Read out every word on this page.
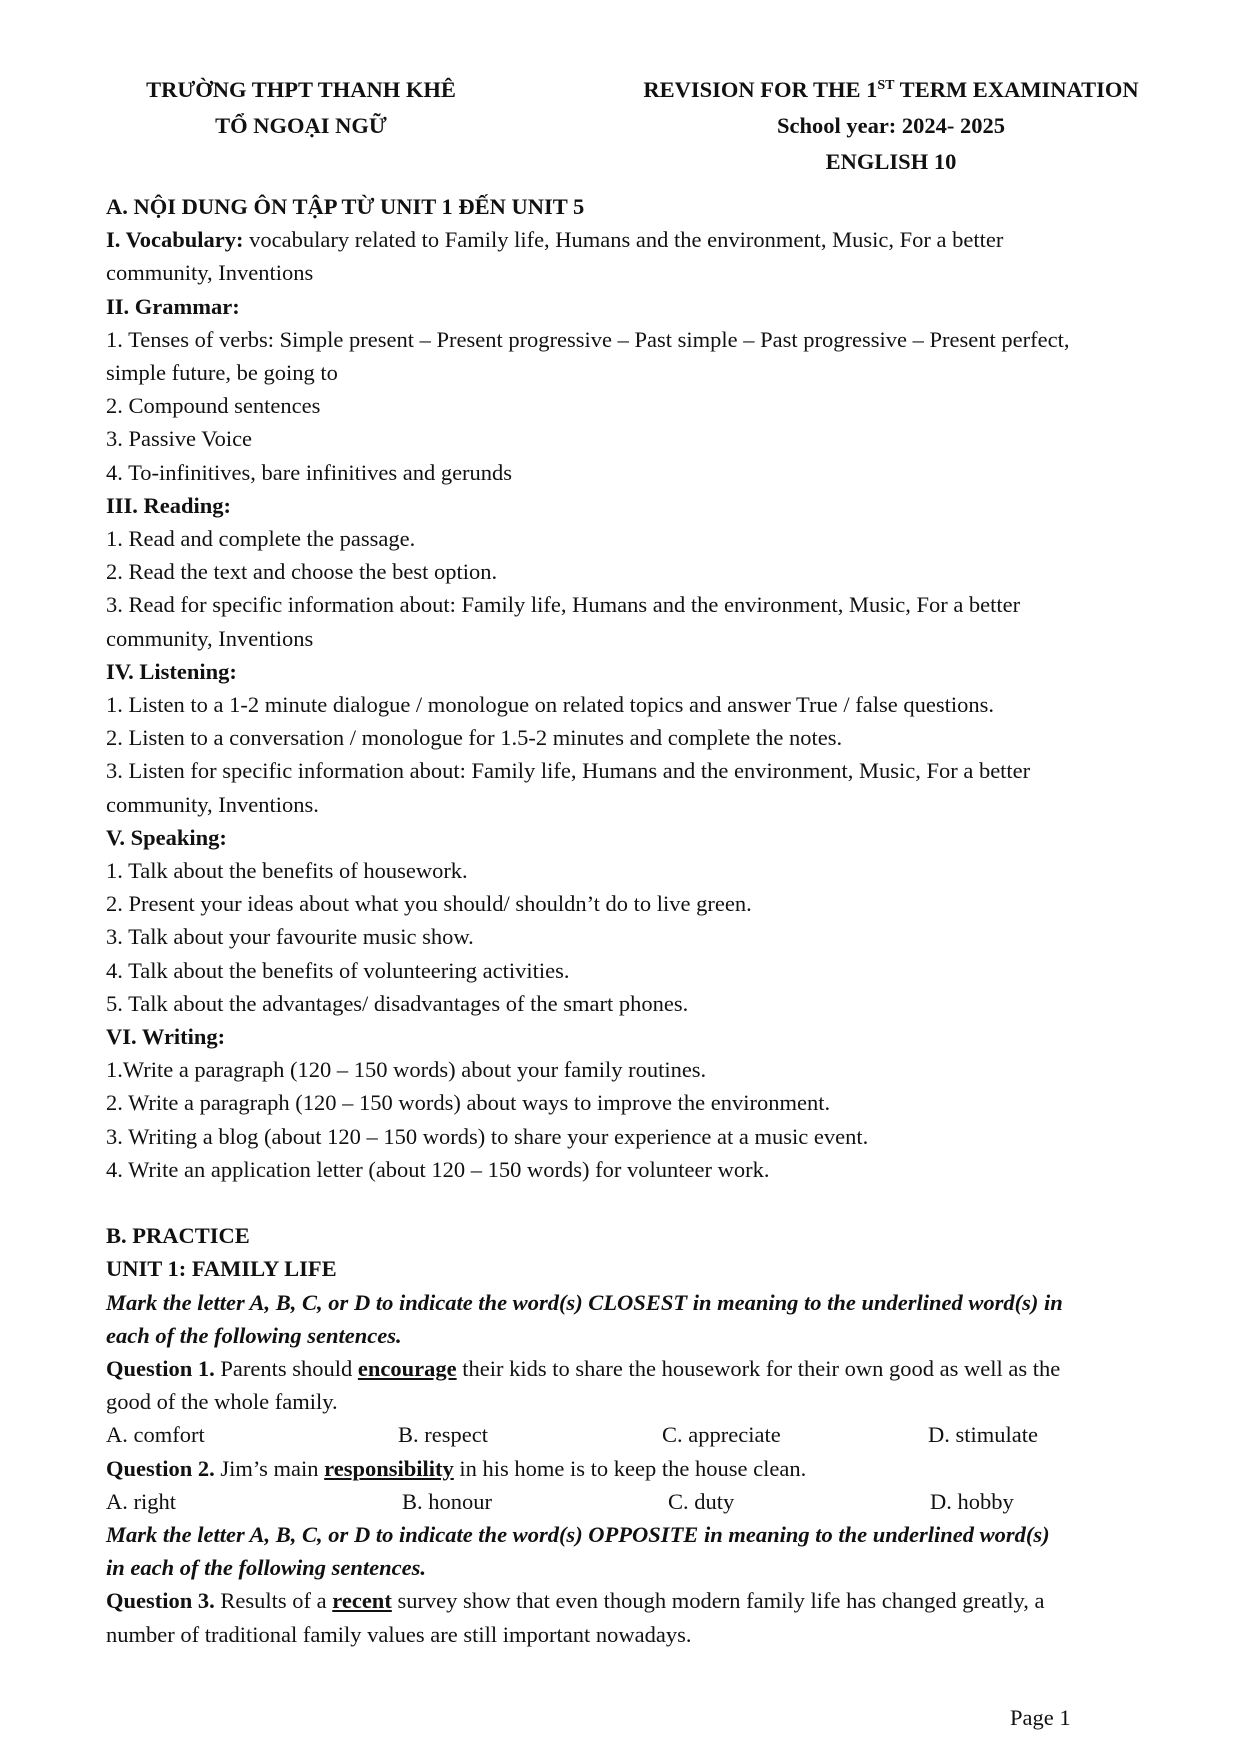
TRƯỜNG THPT THANH KHÊ
TỔ NGOẠI NGỮ
REVISION FOR THE 1ST TERM EXAMINATION
School year: 2024- 2025
ENGLISH 10

A. NỘI DUNG ÔN TẬP TỪ UNIT 1 ĐẾN UNIT 5

I. Vocabulary: vocabulary related to Family life, Humans and the environment, Music, For a better

community, Inventions

II. Grammar:

1. Tenses of verbs: Simple present – Present progressive – Past simple – Past progressive – Present perfect,

simple future, be going to

2. Compound sentences

3. Passive Voice

4. To-infinitives, bare infinitives and gerunds

III. Reading:

1. Read and complete the passage.

2. Read the text and choose the best option.

3. Read for specific information about: Family life, Humans and the environment, Music, For a better

community, Inventions

IV. Listening:

1. Listen to a 1-2 minute dialogue / monologue on related topics and answer True / false questions.

2. Listen to a conversation / monologue for 1.5-2 minutes and complete the notes.

3. Listen for specific information about: Family life, Humans and the environment, Music, For a better

community, Inventions.

V. Speaking:

1. Talk about the benefits of housework.

2. Present your ideas about what you should/ shouldn’t do to live green.

3. Talk about your favourite music show.

4. Talk about the benefits of volunteering activities.

5. Talk about the advantages/ disadvantages of the smart phones.

VI. Writing:

1.Write a paragraph (120 – 150 words) about your family routines.

2. Write a paragraph (120 – 150 words) about ways to improve the environment.

3. Writing a blog (about 120 – 150 words) to share your experience at a music event.

4. Write an application letter (about 120 – 150 words) for volunteer work.

B. PRACTICE

UNIT 1: FAMILY LIFE

Mark the letter A, B, C, or D to indicate the word(s) CLOSEST in meaning to the underlined word(s) in

each of the following sentences.

Question 1. Parents should encourage their kids to share the housework for their own good as well as the

good of the whole family.

A. comfort	B. respect	C. appreciate	D. stimulate

Question 2. Jim’s main responsibility in his home is to keep the house clean.

A. right	B. honour	C. duty	D. hobby

Mark the letter A, B, C, or D to indicate the word(s) OPPOSITE in meaning to the underlined word(s)

in each of the following sentences.

Question 3. Results of a recent survey show that even though modern family life has changed greatly, a

number of traditional family values are still important nowadays.

Page 1
